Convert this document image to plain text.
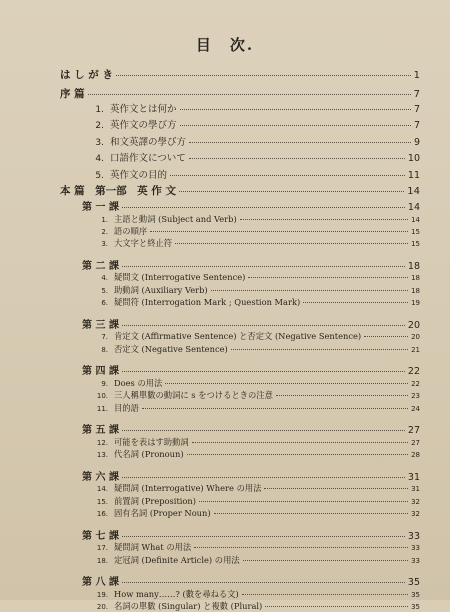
目　次.
は し が き	1
序 篇	7
1. 英作文とは何か	7
2. 英作文の學び方	7
3. 和文英譯の學び方	9
4. 口語作文について	10
5. 英作文の目的	11
本 篇　第一部　英 作 文	14
第 一 課	14
1. 主語と動詞 (Subject and Verb)	14
2. 語の順序	15
3. 大文字と終止符	15
第 二 課	18
4. 疑問文 (Interrogative Sentence)	18
5. 助動詞 (Auxiliary Verb)	18
6. 疑問符 (Interrogation Mark ; Question Mark)	19
第 三 課	20
7. 肯定文 (Affirmative Sentence) と否定文 (Negative Sentence)	20
8. 否定文 (Negative Sentence)	21
第 四 課	22
9. Does の用法	22
10. 三人稱單數の動詞に s をつけるときの注意	23
11. 目的語	24
第 五 課	27
12. 可能を表はす助動詞	27
13. 代名詞 (Pronoun)	28
第 六 課	31
14. 疑問詞 (Interrogative) Where の用法	31
15. 前置詞 (Preposition)	32
16. 固有名詞 (Proper Noun)	32
第 七 課	33
17. 疑問詞 What の用法	33
18. 定冠詞 (Definite Article) の用法	33
第 八 課	35
19. How many……? (數を尋ねる文)	35
20. 名詞の單數 (Singular) と複數 (Plural)	35
